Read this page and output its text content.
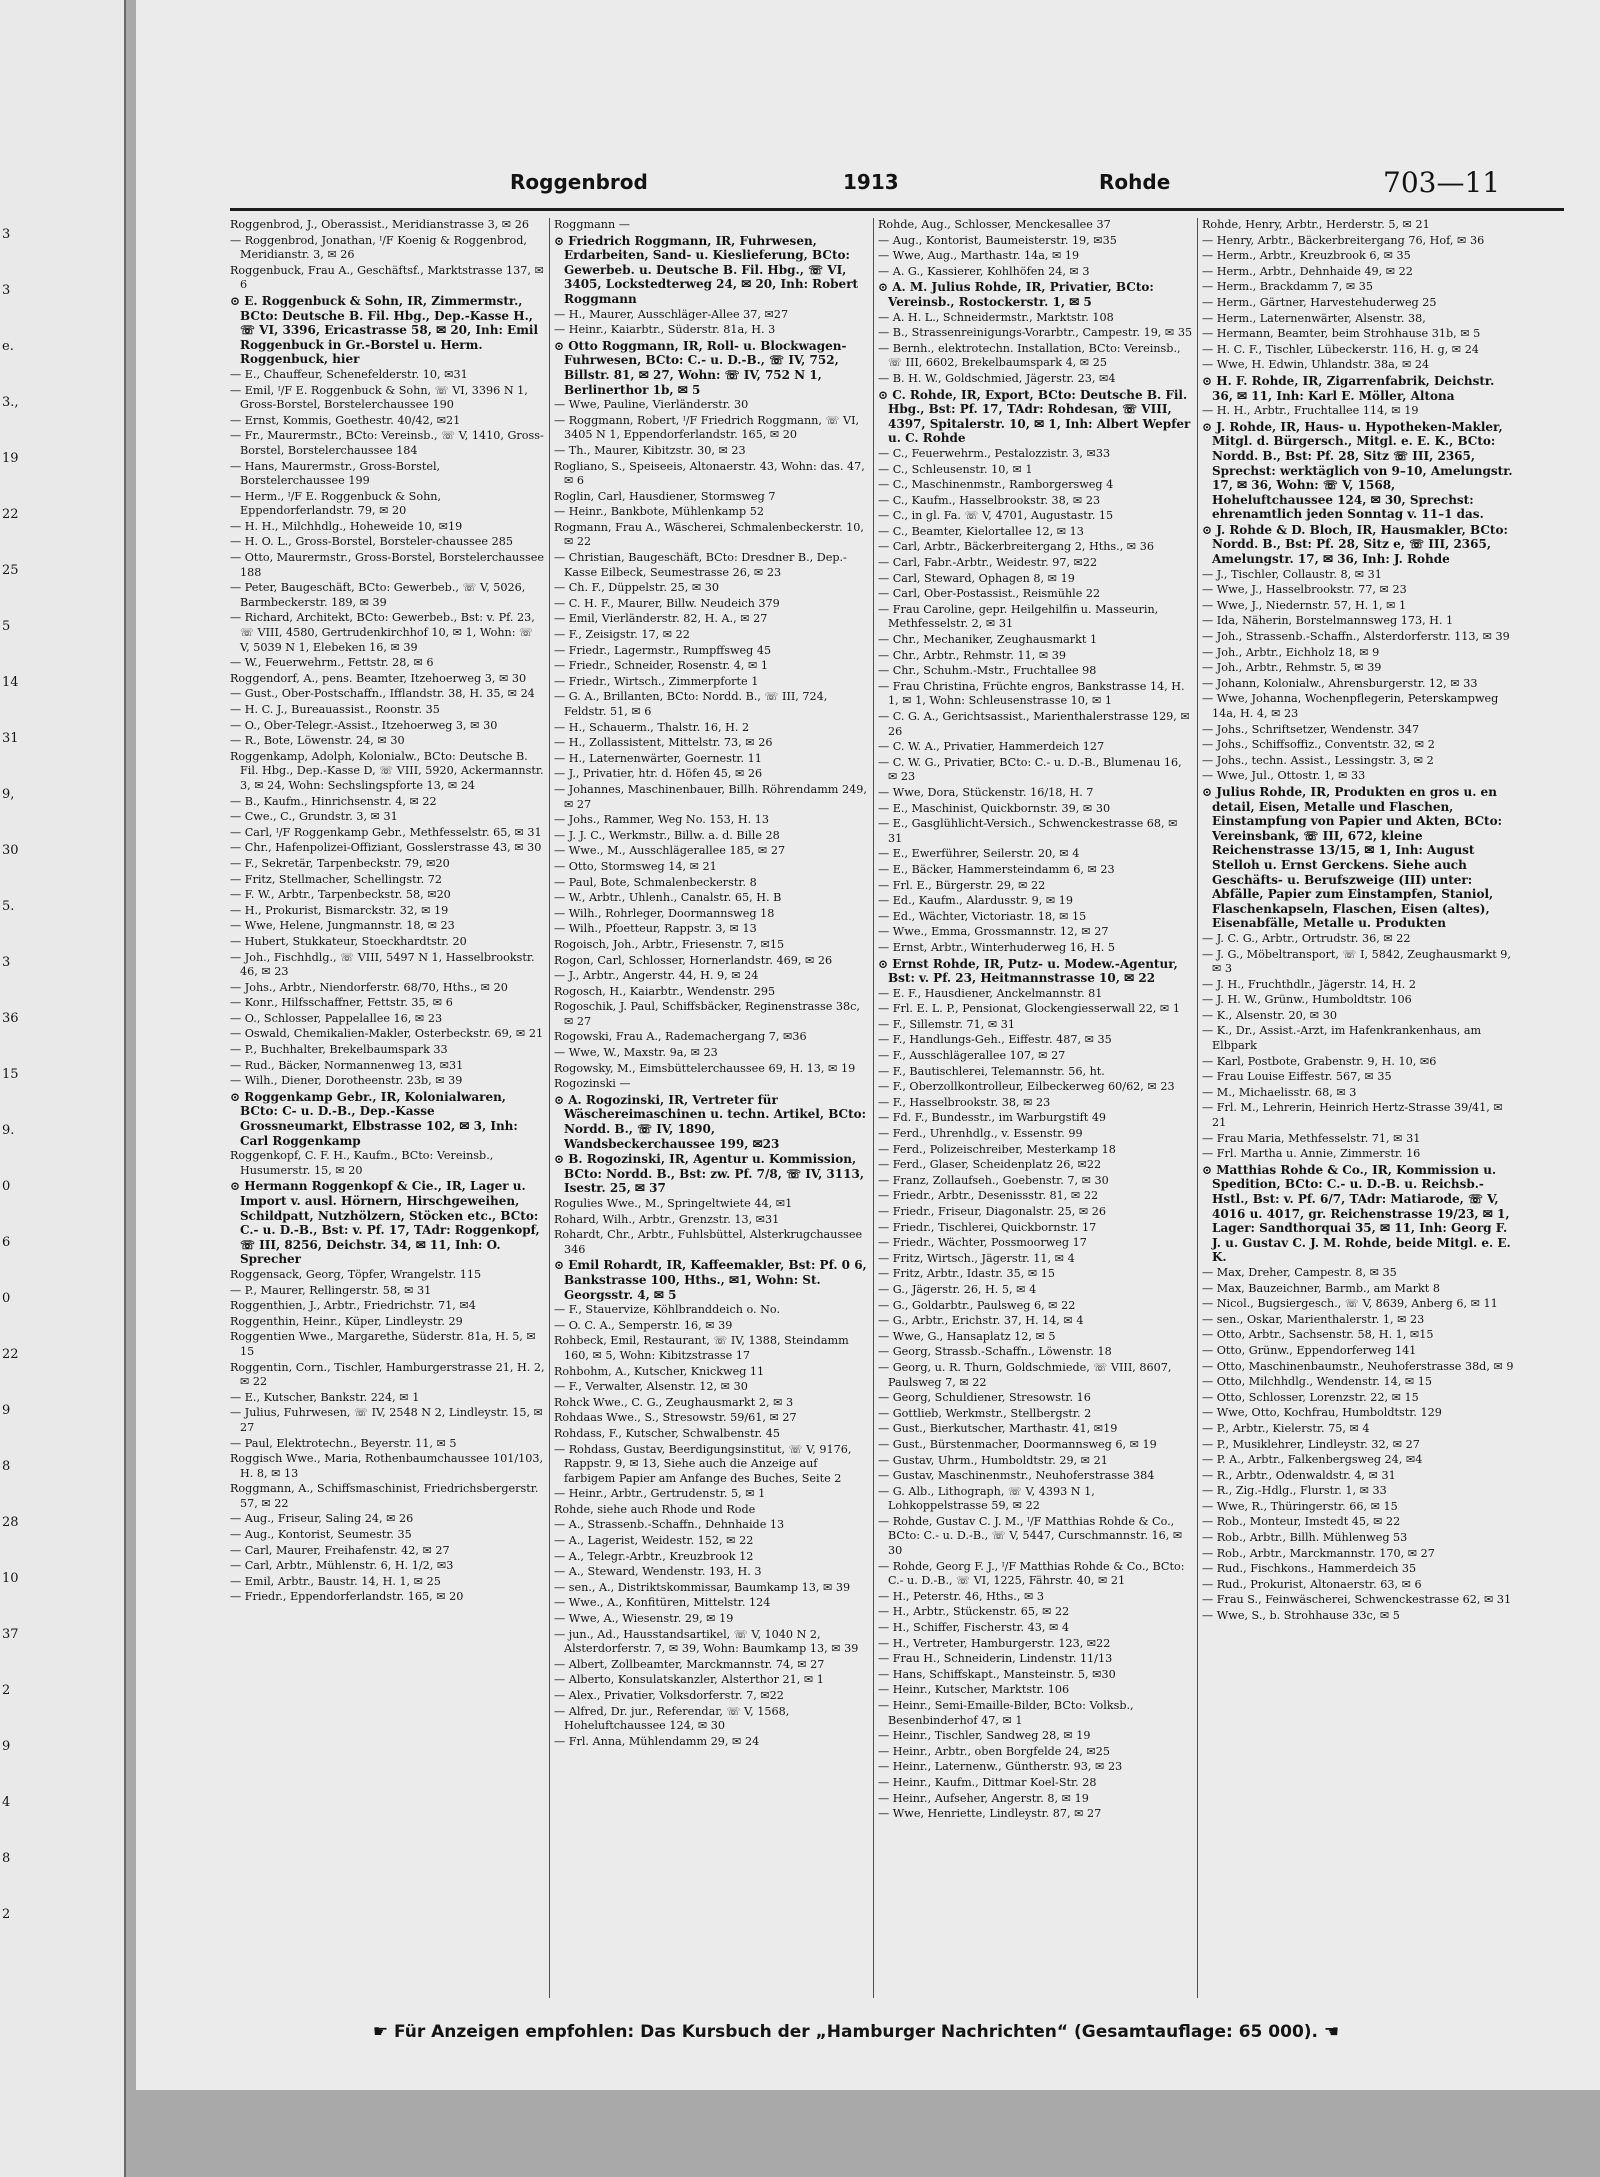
3
3
e.
3.,
19
22
25
5
14
31
9,
30
5.
3
36
15
9.
0
6
0
22
9
8
28
10
37
2
9
4
8
2
Roggenbrod	1913	Rohde	703—11
Roggenbrod, J., Oberassist., Meridianstrasse 3, ✉ 26
— Roggenbrod, Jonathan, ᴵ/F Koenig & Roggenbrod, Meridianstr. 3, ✉ 26
Roggenbuck, Frau A., Geschäftsf., Marktstrasse 137, ✉ 6
⊙ E. Roggenbuck & Sohn, IR, Zimmermstr., BCto: Deutsche B. Fil. Hbg., Dep.-Kasse H., ☏ VI, 3396, Ericastrasse 58, ✉ 20, Inh: Emil Roggenbuck in Gr.-Borstel u. Herm. Roggenbuck, hier
— E., Chauffeur, Schenefelderstr. 10, ✉31
— Emil, ᴵ/F E. Roggenbuck & Sohn, ☏ VI, 3396 N 1, Gross-Borstel, Borstelerchaussee 190
— Ernst, Kommis, Goethestr. 40/42, ✉21
— Fr., Maurermstr., BCto: Vereinsb., ☏ V, 1410, Gross-Borstel, Borstelerchaussee 184
— Hans, Maurermstr., Gross-Borstel, Borstelerchaussee 199
— Herm., ᴵ/F E. Roggenbuck & Sohn, Eppendorferlandstr. 79, ✉ 20
— H. H., Milchhdlg., Hoheweide 10, ✉19
— H. O. L., Gross-Borstel, Borsteler-chaussee 285
— Otto, Maurermstr., Gross-Borstel, Borstelerchaussee 188
— Peter, Baugeschäft, BCto: Gewerbeb., ☏ V, 5026, Barmbeckerstr. 189, ✉ 39
— Richard, Architekt, BCto: Gewerbeb., Bst: v. Pf. 23, ☏ VIII, 4580, Gertrudenkirchhof 10, ✉ 1, Wohn: ☏ V, 5039 N 1, Elebeken 16, ✉ 39
— W., Feuerwehrm., Fettstr. 28, ✉ 6
Roggendorf, A., pens. Beamter, Itzehoerweg 3, ✉ 30
— Gust., Ober-Postschaffn., Ifflandstr. 38, H. 35, ✉ 24
— H. C. J., Bureauassist., Roonstr. 35
— O., Ober-Telegr.-Assist., Itzehoerweg 3, ✉ 30
— R., Bote, Löwenstr. 24, ✉ 30
Roggenkamp, Adolph, Kolonialw., BCto: Deutsche B. Fil. Hbg., Dep.-Kasse D, ☏ VIII, 5920, Ackermannstr. 3, ✉ 24, Wohn: Sechslingspforte 13, ✉ 24
— B., Kaufm., Hinrichsenstr. 4, ✉ 22
— Cwe., C., Grundstr. 3, ✉ 31
— Carl, ᴵ/F Roggenkamp Gebr., Methfesselstr. 65, ✉ 31
— Chr., Hafenpolizei-Offiziant, Gosslerstrasse 43, ✉ 30
— F., Sekretär, Tarpenbeckstr. 79, ✉20
— Fritz, Stellmacher, Schellingstr. 72
— F. W., Arbtr., Tarpenbeckstr. 58, ✉20
— H., Prokurist, Bismarckstr. 32, ✉ 19
— Wwe, Helene, Jungmannstr. 18, ✉ 23
— Hubert, Stukkateur, Stoeckhardtstr. 20
— Joh., Fischhdlg., ☏ VIII, 5497 N 1, Hasselbrookstr. 46, ✉ 23
— Johs., Arbtr., Niendorferstr. 68/70, Hths., ✉ 20
— Konr., Hilfsschaffner, Fettstr. 35, ✉ 6
— O., Schlosser, Pappelallee 16, ✉ 23
— Oswald, Chemikalien-Makler, Osterbeckstr. 69, ✉ 21
— P., Buchhalter, Brekelbaumspark 33
— Rud., Bäcker, Normannenweg 13, ✉31
— Wilh., Diener, Dorotheenstr. 23b, ✉ 39
⊙ Roggenkamp Gebr., IR, Kolonialwaren, BCto: C- u. D.-B., Dep.-Kasse Grossneumarkt, Elbstrasse 102, ✉ 3, Inh: Carl Roggenkamp
Roggenkopf, C. F. H., Kaufm., BCto: Vereinsb., Husumerstr. 15, ✉ 20
⊙ Hermann Roggenkopf & Cie., IR, Lager u. Import v. ausl. Hörnern, Hirschgeweihen, Schildpatt, Nutzhölzern, Stöcken etc., BCto: C.- u. D.-B., Bst: v. Pf. 17, TAdr: Roggenkopf, ☏ III, 8256, Deichstr. 34, ✉ 11, Inh: O. Sprecher
Roggensack, Georg, Töpfer, Wrangelstr. 115
— P., Maurer, Rellingerstr. 58, ✉ 31
Roggenthien, J., Arbtr., Friedrichstr. 71, ✉4
Roggenthin, Heinr., Küper, Lindleystr. 29
Roggentien Wwe., Margarethe, Süderstr. 81a, H. 5, ✉ 15
Roggentin, Corn., Tischler, Hamburgerstrasse 21, H. 2, ✉ 22
— E., Kutscher, Bankstr. 224, ✉ 1
— Julius, Fuhrwesen, ☏ IV, 2548 N 2, Lindleystr. 15, ✉ 27
— Paul, Elektrotechn., Beyerstr. 11, ✉ 5
Roggisch Wwe., Maria, Rothenbaumchaussee 101/103, H. 8, ✉ 13
Roggmann, A., Schiffsmaschinist, Friedrichsbergerstr. 57, ✉ 22
— Aug., Friseur, Saling 24, ✉ 26
— Aug., Kontorist, Seumestr. 35
— Carl, Maurer, Freihafenstr. 42, ✉ 27
— Carl, Arbtr., Mühlenstr. 6, H. 1/2, ✉3
— Emil, Arbtr., Baustr. 14, H. 1, ✉ 25
— Friedr., Eppendorferlandstr. 165, ✉ 20
Roggmann —
⊙ Friedrich Roggmann, IR, Fuhrwesen, Erdarbeiten, Sand- u. Kieslieferung, BCto: Gewerbeb. u. Deutsche B. Fil. Hbg., ☏ VI, 3405, Lockstedterweg 24, ✉ 20, Inh: Robert Roggmann
— H., Maurer, Ausschläger-Allee 37, ✉27
— Heinr., Kaiarbtr., Süderstr. 81a, H. 3
⊙ Otto Roggmann, IR, Roll- u. Blockwagen-Fuhrwesen, BCto: C.- u. D.-B., ☏ IV, 752, Billstr. 81, ✉ 27, Wohn: ☏ IV, 752 N 1, Berlinerthor 1b, ✉ 5
— Wwe, Pauline, Vierländerstr. 30
— Roggmann, Robert, ᴵ/F Friedrich Roggmann, ☏ VI, 3405 N 1, Eppendorferlandstr. 165, ✉ 20
— Th., Maurer, Kibitzstr. 30, ✉ 23
Rogliano, S., Speiseeis, Altonaerstr. 43, Wohn: das. 47, ✉ 6
Roglin, Carl, Hausdiener, Stormsweg 7
— Heinr., Bankbote, Mühlenkamp 52
Rogmann, Frau A., Wäscherei, Schmalenbeckerstr. 10, ✉ 22
— Christian, Baugeschäft, BCto: Dresdner B., Dep.-Kasse Eilbeck, Seumestrasse 26, ✉ 23
— Ch. F., Düppelstr. 25, ✉ 30
— C. H. F., Maurer, Billw. Neudeich 379
— Emil, Vierländerstr. 82, H. A., ✉ 27
— F., Zeisigstr. 17, ✉ 22
— Friedr., Lagermstr., Rumpffsweg 45
— Friedr., Schneider, Rosenstr. 4, ✉ 1
— Friedr., Wirtsch., Zimmerpforte 1
— G. A., Brillanten, BCto: Nordd. B., ☏ III, 724, Feldstr. 51, ✉ 6
— H., Schauerm., Thalstr. 16, H. 2
— H., Zollassistent, Mittelstr. 73, ✉ 26
— H., Laternenwärter, Goernestr. 11
— J., Privatier, htr. d. Höfen 45, ✉ 26
— Johannes, Maschinenbauer, Billh. Röhrendamm 249, ✉ 27
— Johs., Rammer, Weg No. 153, H. 13
— J. J. C., Werkmstr., Billw. a. d. Bille 28
— Wwe., M., Ausschlägerallee 185, ✉ 27
— Otto, Stormsweg 14, ✉ 21
— Paul, Bote, Schmalenbeckerstr. 8
— W., Arbtr., Uhlenh., Canalstr. 65, H. B
— Wilh., Rohrleger, Doormannsweg 18
— Wilh., Pfoetteur, Rappstr. 3, ✉ 13
Rogoisch, Joh., Arbtr., Friesenstr. 7, ✉15
Rogon, Carl, Schlosser, Hornerlandstr. 469, ✉ 26
— J., Arbtr., Angerstr. 44, H. 9, ✉ 24
Rogosch, H., Kaiarbtr., Wendenstr. 295
Rogoschik, J. Paul, Schiffsbäcker, Reginenstrasse 38c, ✉ 27
Rogowski, Frau A., Rademachergang 7, ✉36
— Wwe, W., Maxstr. 9a, ✉ 23
Rogowsky, M., Eimsbüttelerchaussee 69, H. 13, ✉ 19
Rogozinski —
⊙ A. Rogozinski, IR, Vertreter für Wäschereimaschinen u. techn. Artikel, BCto: Nordd. B., ☏ IV, 1890, Wandsbeckerchaussee 199, ✉23
⊙ B. Rogozinski, IR, Agentur u. Kommission, BCto: Nordd. B., Bst: zw. Pf. 7/8, ☏ IV, 3113, Isestr. 25, ✉ 37
Rogulies Wwe., M., Springeltwiete 44, ✉1
Rohard, Wilh., Arbtr., Grenzstr. 13, ✉31
Rohardt, Chr., Arbtr., Fuhlsbüttel, Alsterkrugchaussee 346
⊙ Emil Rohardt, IR, Kaffeemakler, Bst: Pf. 0 6, Bankstrasse 100, Hths., ✉1, Wohn: St. Georgsstr. 4, ✉ 5
— F., Stauervize, Köhlbranddeich o. No.
— O. C. A., Semperstr. 16, ✉ 39
Rohbeck, Emil, Restaurant, ☏ IV, 1388, Steindamm 160, ✉ 5, Wohn: Kibitzstrasse 17
Rohbohm, A., Kutscher, Knickweg 11
— F., Verwalter, Alsenstr. 12, ✉ 30
Rohck Wwe., C. G., Zeughausmarkt 2, ✉ 3
Rohdaas Wwe., S., Stresowstr. 59/61, ✉ 27
Rohdass, F., Kutscher, Schwalbenstr. 45
— Rohdass, Gustav, Beerdigungsinstitut, ☏ V, 9176, Rappstr. 9, ✉ 13, Siehe auch die Anzeige auf farbigem Papier am Anfange des Buches, Seite 2
— Heinr., Arbtr., Gertrudenstr. 5, ✉ 1
Rohde, siehe auch Rhode und Rode
— A., Strassenb.-Schaffn., Dehnhaide 13
— A., Lagerist, Weidestr. 152, ✉ 22
— A., Telegr.-Arbtr., Kreuzbrook 12
— A., Steward, Wendenstr. 193, H. 3
— sen., A., Distriktskommissar, Baumkamp 13, ✉ 39
— Wwe., A., Konfitüren, Mittelstr. 124
— Wwe, A., Wiesenstr. 29, ✉ 19
— jun., Ad., Hausstandsartikel, ☏ V, 1040 N 2, Alsterdorferstr. 7, ✉ 39, Wohn: Baumkamp 13, ✉ 39
— Albert, Zollbeamter, Marckmannstr. 74, ✉ 27
— Alberto, Konsulatskanzler, Alsterthor 21, ✉ 1
— Alex., Privatier, Volksdorferstr. 7, ✉22
— Alfred, Dr. jur., Referendar, ☏ V, 1568, Hoheluftchaussee 124, ✉ 30
— Frl. Anna, Mühlendamm 29, ✉ 24
Rohde, Aug., Schlosser, Menckesallee 37
— Aug., Kontorist, Baumeisterstr. 19, ✉35
— Wwe, Aug., Marthastr. 14a, ✉ 19
— A. G., Kassierer, Kohlhöfen 24, ✉ 3
⊙ A. M. Julius Rohde, IR, Privatier, BCto: Vereinsb., Rostockerstr. 1, ✉ 5
— A. H. L., Schneidermstr., Marktstr. 108
— B., Strassenreinigungs-Vorarbtr., Campestr. 19, ✉ 35
— Bernh., elektrotechn. Installation, BCto: Vereinsb., ☏ III, 6602, Brekelbaumspark 4, ✉ 25
— B. H. W., Goldschmied, Jägerstr. 23, ✉4
⊙ C. Rohde, IR, Export, BCto: Deutsche B. Fil. Hbg., Bst: Pf. 17, TAdr: Rohdesan, ☏ VIII, 4397, Spitalerstr. 10, ✉ 1, Inh: Albert Wepfer u. C. Rohde
— C., Feuerwehrm., Pestalozzistr. 3, ✉33
— C., Schleusenstr. 10, ✉ 1
— C., Maschinenmstr., Ramborgersweg 4
— C., Kaufm., Hasselbrookstr. 38, ✉ 23
— C., in gl. Fa. ☏ V, 4701, Augustastr. 15
— C., Beamter, Kielortallee 12, ✉ 13
— Carl, Arbtr., Bäckerbreitergang 2, Hths., ✉ 36
— Carl, Fabr.-Arbtr., Weidestr. 97, ✉22
— Carl, Steward, Ophagen 8, ✉ 19
— Carl, Ober-Postassist., Reismühle 22
— Frau Caroline, gepr. Heilgehilfin u. Masseurin, Methfesselstr. 2, ✉ 31
— Chr., Mechaniker, Zeughausmarkt 1
— Chr., Arbtr., Rehmstr. 11, ✉ 39
— Chr., Schuhm.-Mstr., Fruchtallee 98
— Frau Christina, Früchte engros, Bankstrasse 14, H. 1, ✉ 1, Wohn: Schleusenstrasse 10, ✉ 1
— C. G. A., Gerichtsassist., Marienthalerstrasse 129, ✉ 26
— C. W. A., Privatier, Hammerdeich 127
— C. W. G., Privatier, BCto: C.- u. D.-B., Blumenau 16, ✉ 23
— Wwe, Dora, Stückenstr. 16/18, H. 7
— E., Maschinist, Quickbornstr. 39, ✉ 30
— E., Gasglühlicht-Versich., Schwenckestrasse 68, ✉ 31
— E., Ewerführer, Seilerstr. 20, ✉ 4
— E., Bäcker, Hammersteindamm 6, ✉ 23
— Frl. E., Bürgerstr. 29, ✉ 22
— Ed., Kaufm., Alardusstr. 9, ✉ 19
— Ed., Wächter, Victoriastr. 18, ✉ 15
— Wwe., Emma, Grossmannstr. 12, ✉ 27
— Ernst, Arbtr., Winterhuderweg 16, H. 5
⊙ Ernst Rohde, IR, Putz- u. Modew.-Agentur, Bst: v. Pf. 23, Heitmannstrasse 10, ✉ 22
— E. F., Hausdiener, Anckelmannstr. 81
— Frl. E. L. P., Pensionat, Glockengiesserwall 22, ✉ 1
— F., Sillemstr. 71, ✉ 31
— F., Handlungs-Geh., Eiffestr. 487, ✉ 35
— F., Ausschlägerallee 107, ✉ 27
— F., Bautischlerei, Telemannstr. 56, ht.
— F., Oberzollkontrolleur, Eilbeckerweg 60/62, ✉ 23
— F., Hasselbrookstr. 38, ✉ 23
— Fd. F., Bundesstr., im Warburgstift 49
— Ferd., Uhrenhdlg., v. Essenstr. 99
— Ferd., Polizeischreiber, Mesterkamp 18
— Ferd., Glaser, Scheidenplatz 26, ✉22
— Franz, Zollaufseh., Goebenstr. 7, ✉ 30
— Friedr., Arbtr., Desenissstr. 81, ✉ 22
— Friedr., Friseur, Diagonalstr. 25, ✉ 26
— Friedr., Tischlerei, Quickbornstr. 17
— Friedr., Wächter, Possmoorweg 17
— Fritz, Wirtsch., Jägerstr. 11, ✉ 4
— Fritz, Arbtr., Idastr. 35, ✉ 15
— G., Jägerstr. 26, H. 5, ✉ 4
— G., Goldarbtr., Paulsweg 6, ✉ 22
— G., Arbtr., Erichstr. 37, H. 14, ✉ 4
— Wwe, G., Hansaplatz 12, ✉ 5
— Georg, Strassb.-Schaffn., Löwenstr. 18
— Georg, u. R. Thurn, Goldschmiede, ☏ VIII, 8607, Paulsweg 7, ✉ 22
— Georg, Schuldiener, Stresowstr. 16
— Gottlieb, Werkmstr., Stellbergstr. 2
— Gust., Bierkutscher, Marthastr. 41, ✉19
— Gust., Bürstenmacher, Doormannsweg 6, ✉ 19
— Gustav, Uhrm., Humboldtstr. 29, ✉ 21
— Gustav, Maschinenmstr., Neuhoferstrasse 384
— G. Alb., Lithograph, ☏ V, 4393 N 1, Lohkoppelstrasse 59, ✉ 22
— Rohde, Gustav C. J. M., ᴵ/F Matthias Rohde & Co., BCto: C.- u. D.-B., ☏ V, 5447, Curschmannstr. 16, ✉ 30
— Rohde, Georg F. J., ᴵ/F Matthias Rohde & Co., BCto: C.- u. D.-B., ☏ VI, 1225, Fährstr. 40, ✉ 21
— H., Peterstr. 46, Hths., ✉ 3
— H., Arbtr., Stückenstr. 65, ✉ 22
— H., Schiffer, Fischerstr. 43, ✉ 4
— H., Vertreter, Hamburgerstr. 123, ✉22
— Frau H., Schneiderin, Lindenstr. 11/13
— Hans, Schiffskapt., Mansteinstr. 5, ✉30
— Heinr., Kutscher, Marktstr. 106
— Heinr., Semi-Emaille-Bilder, BCto: Volksb., Besenbinderhof 47, ✉ 1
— Heinr., Tischler, Sandweg 28, ✉ 19
— Heinr., Arbtr., oben Borgfelde 24, ✉25
— Heinr., Laternenw., Güntherstr. 93, ✉ 23
— Heinr., Kaufm., Dittmar Koel-Str. 28
— Heinr., Aufseher, Angerstr. 8, ✉ 19
— Wwe, Henriette, Lindleystr. 87, ✉ 27
Rohde, Henry, Arbtr., Herderstr. 5, ✉ 21
— Henry, Arbtr., Bäckerbreitergang 76, Hof, ✉ 36
— Herm., Arbtr., Kreuzbrook 6, ✉ 35
— Herm., Arbtr., Dehnhaide 49, ✉ 22
— Herm., Brackdamm 7, ✉ 35
— Herm., Gärtner, Harvestehuderweg 25
— Herm., Laternenwärter, Alsenstr. 38,
— Hermann, Beamter, beim Strohhause 31b, ✉ 5
— H. C. F., Tischler, Lübeckerstr. 116, H. g, ✉ 24
— Wwe, H. Edwin, Uhlandstr. 38a, ✉ 24
⊙ H. F. Rohde, IR, Zigarrenfabrik, Deichstr. 36, ✉ 11, Inh: Karl E. Möller, Altona
— H. H., Arbtr., Fruchtallee 114, ✉ 19
⊙ J. Rohde, IR, Haus- u. Hypotheken-Makler, Mitgl. d. Bürgersch., Mitgl. e. E. K., BCto: Nordd. B., Bst: Pf. 28, Sitz ☏ III, 2365, Sprechst: werktäglich von 9–10, Amelungstr. 17, ✉ 36, Wohn: ☏ V, 1568, Hoheluftchaussee 124, ✉ 30, Sprechst: ehrenamtlich jeden Sonntag v. 11–1 das.
⊙ J. Rohde & D. Bloch, IR, Hausmakler, BCto: Nordd. B., Bst: Pf. 28, Sitz e, ☏ III, 2365, Amelungstr. 17, ✉ 36, Inh: J. Rohde
— J., Tischler, Collaustr. 8, ✉ 31
— Wwe, J., Hasselbrookstr. 77, ✉ 23
— Wwe, J., Niedernstr. 57, H. 1, ✉ 1
— Ida, Näherin, Borstelmannsweg 173, H. 1
— Joh., Strassenb.-Schaffn., Alsterdorferstr. 113, ✉ 39
— Joh., Arbtr., Eichholz 18, ✉ 9
— Joh., Arbtr., Rehmstr. 5, ✉ 39
— Johann, Kolonialw., Ahrensburgerstr. 12, ✉ 33
— Wwe, Johanna, Wochenpflegerin, Peterskampweg 14a, H. 4, ✉ 23
— Johs., Schriftsetzer, Wendenstr. 347
— Johs., Schiffsoffiz., Conventstr. 32, ✉ 2
— Johs., techn. Assist., Lessingstr. 3, ✉ 2
— Wwe, Jul., Ottostr. 1, ✉ 33
⊙ Julius Rohde, IR, Produkten en gros u. en detail, Eisen, Metalle und Flaschen, Einstampfung von Papier und Akten, BCto: Vereinsbank, ☏ III, 672, kleine Reichenstrasse 13/15, ✉ 1, Inh: August Stelloh u. Ernst Gerckens. Siehe auch Geschäfts- u. Berufszweige (III) unter: Abfälle, Papier zum Einstampfen, Staniol, Flaschenkapseln, Flaschen, Eisen (altes), Eisenabfälle, Metalle u. Produkten
— J. C. G., Arbtr., Ortrudstr. 36, ✉ 22
— J. G., Möbeltransport, ☏ I, 5842, Zeughausmarkt 9, ✉ 3
— J. H., Fruchthdlr., Jägerstr. 14, H. 2
— J. H. W., Grünw., Humboldtstr. 106
— K., Alsenstr. 20, ✉ 30
— K., Dr., Assist.-Arzt, im Hafenkrankenhaus, am Elbpark
— Karl, Postbote, Grabenstr. 9, H. 10, ✉6
— Frau Louise Eiffestr. 567, ✉ 35
— M., Michaelisstr. 68, ✉ 3
— Frl. M., Lehrerin, Heinrich Hertz-Strasse 39/41, ✉ 21
— Frau Maria, Methfesselstr. 71, ✉ 31
— Frl. Martha u. Annie, Zimmerstr. 16
⊙ Matthias Rohde & Co., IR, Kommission u. Spedition, BCto: C.- u. D.-B. u. Reichsb.-Hstl., Bst: v. Pf. 6/7, TAdr: Matiarode, ☏ V, 4016 u. 4017, gr. Reichenstrasse 19/23, ✉ 1, Lager: Sandthorquai 35, ✉ 11, Inh: Georg F. J. u. Gustav C. J. M. Rohde, beide Mitgl. e. E. K.
— Max, Dreher, Campestr. 8, ✉ 35
— Max, Bauzeichner, Barmb., am Markt 8
— Nicol., Bugsiergesch., ☏ V, 8639, Anberg 6, ✉ 11
— sen., Oskar, Marienthalerstr. 1, ✉ 23
— Otto, Arbtr., Sachsenstr. 58, H. 1, ✉15
— Otto, Grünw., Eppendorferweg 141
— Otto, Maschinenbaumstr., Neuhoferstrasse 38d, ✉ 9
— Otto, Milchhdlg., Wendenstr. 14, ✉ 15
— Otto, Schlosser, Lorenzstr. 22, ✉ 15
— Wwe, Otto, Kochfrau, Humboldtstr. 129
— P., Arbtr., Kielerstr. 75, ✉ 4
— P., Musiklehrer, Lindleystr. 32, ✉ 27
— P. A., Arbtr., Falkenbergsweg 24, ✉4
— R., Arbtr., Odenwaldstr. 4, ✉ 31
— R., Zig.-Hdlg., Flurstr. 1, ✉ 33
— Wwe, R., Thüringerstr. 66, ✉ 15
— Rob., Monteur, Imstedt 45, ✉ 22
— Rob., Arbtr., Billh. Mühlenweg 53
— Rob., Arbtr., Marckmannstr. 170, ✉ 27
— Rud., Fischkons., Hammerdeich 35
— Rud., Prokurist, Altonaerstr. 63, ✉ 6
— Frau S., Feinwäscherei, Schwenckestrasse 62, ✉ 31
— Wwe, S., b. Strohhause 33c, ✉ 5
☛ Für Anzeigen empfohlen: Das Kursbuch der „Hamburger Nachrichten“ (Gesamtauflage: 65 000). ☚
